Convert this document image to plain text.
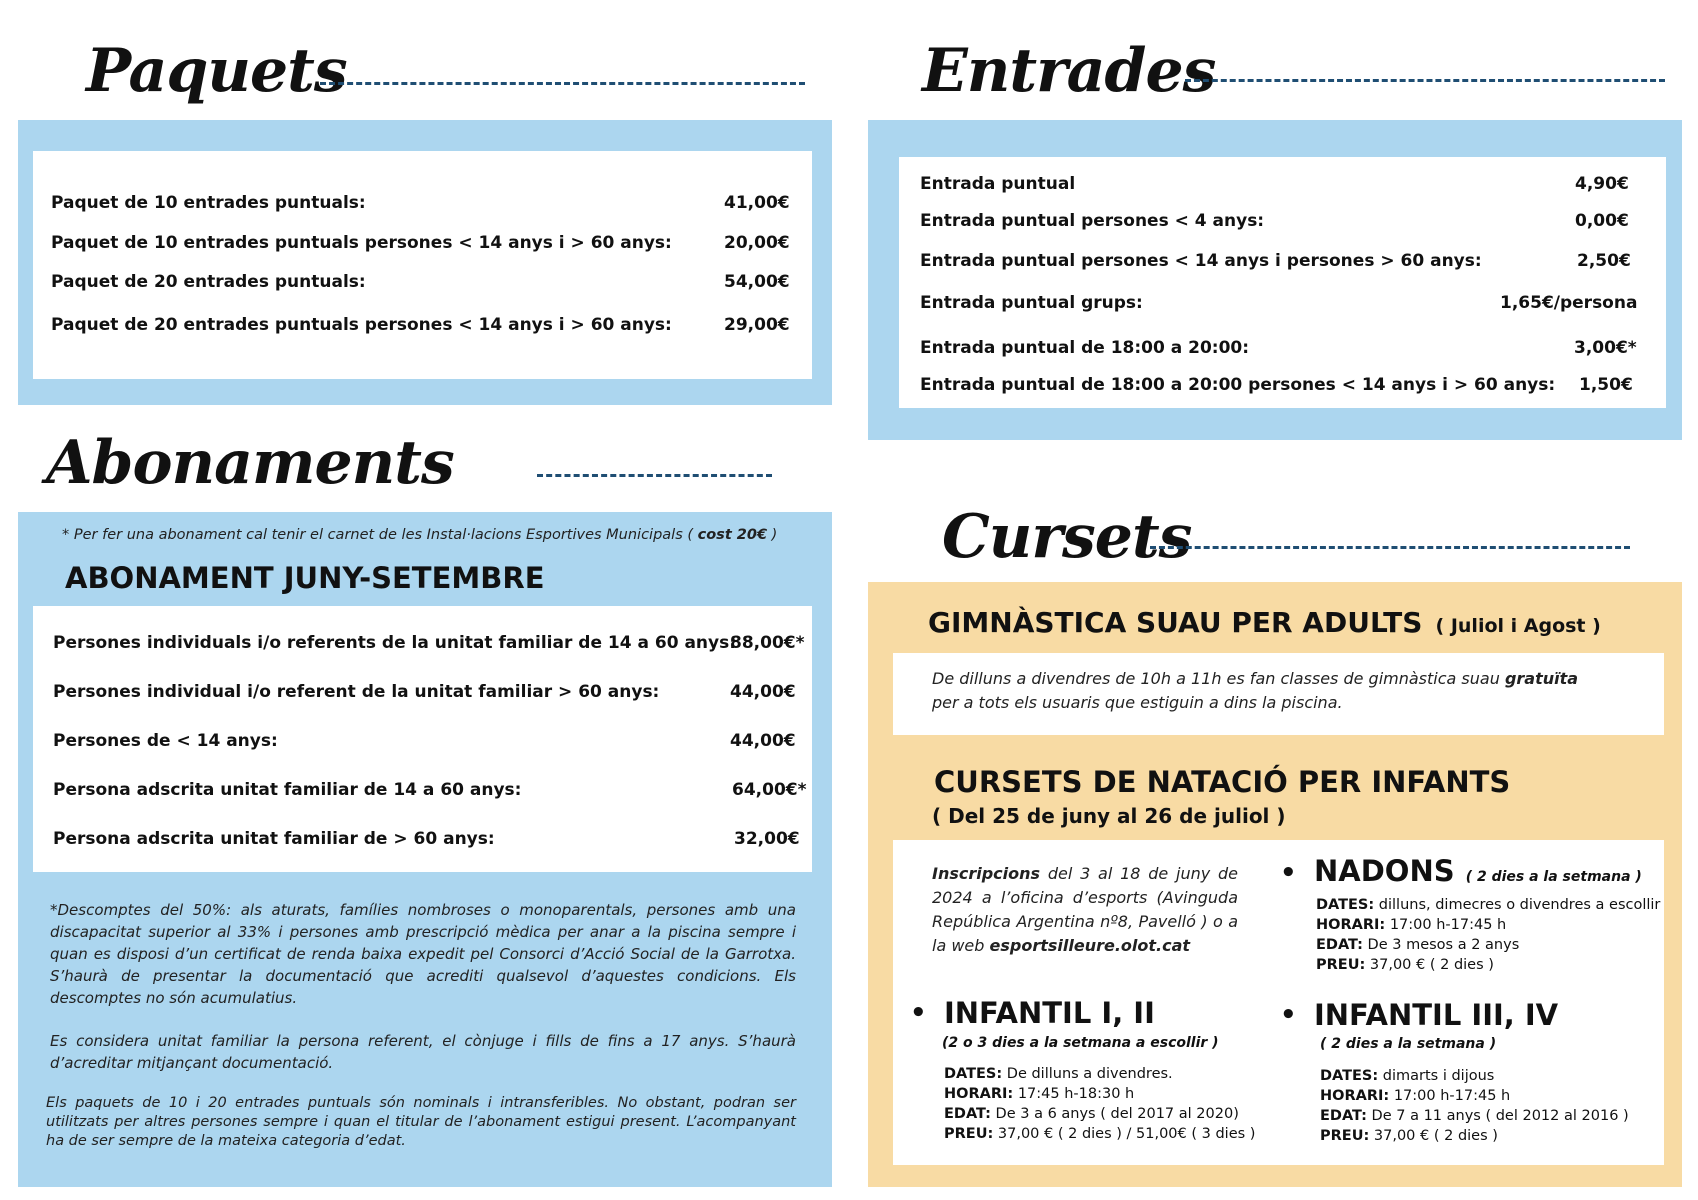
Paquets
Paquet de 10 entrades puntuals:	41,00€
Paquet de 10 entrades puntuals persones < 14 anys i > 60 anys:	20,00€
Paquet de 20 entrades puntuals:	54,00€
Paquet de 20 entrades puntuals persones < 14 anys i > 60 anys:	29,00€
Entrades
Entrada puntual	4,90€
Entrada puntual persones < 4 anys:	0,00€
Entrada puntual persones < 14 anys i persones > 60 anys:	2,50€
Entrada puntual grups:	1,65€/persona
Entrada puntual de 18:00 a 20:00:	3,00€*
Entrada puntual de 18:00 a 20:00 persones < 14 anys i > 60 anys: 1,50€
Abonaments
* Per fer una abonament cal tenir el carnet de les Instal·lacions Esportives Municipals ( cost 20€ )
ABONAMENT JUNY-SETEMBRE
Persones individuals i/o referents de la unitat familiar de 14 a 60 anys:
88,00€*
Persones individual i/o referent de la unitat familiar > 60 anys:	44,00€
Persones de < 14 anys:	44,00€
Persona adscrita unitat familiar de 14 a 60 anys:	64,00€*
Persona adscrita unitat familiar de > 60 anys:	32,00€
*Descomptes del 50%: als aturats, famílies nombroses o monoparentals, persones amb una discapacitat superior al 33% i persones amb prescripció mèdica per anar a la piscina sempre i quan es disposi d’un certificat de renda baixa expedit pel Consorci d’Acció Social de la Garrotxa. S’haurà de presentar la documentació que acrediti qualsevol d’aquestes condicions. Els descomptes no són acumulatius.
Es considera unitat familiar la persona referent, el cònjuge i fills de fins a 17 anys. S’haurà d’acreditar mitjançant documentació.
Els paquets de 10 i 20 entrades puntuals són nominals i intransferibles. No obstant, podran ser utilitzats per altres persones sempre i quan el titular de l’abonament estigui present. L’acompanyant ha de ser sempre de la mateixa categoria d’edat.
Cursets
GIMNÀSTICA SUAU PER ADULTS ( Juliol i Agost )
De dilluns a divendres de 10h a 11h es fan classes de gimnàstica suau gratuïta
per a tots els usuaris que estiguin a dins la piscina.
CURSETS DE NATACIÓ PER INFANTS
( Del 25 de juny al 26 de juliol )
Inscripcions del 3 al 18 de juny de 2024 a l’oficina d’esports (Avinguda República Argentina nº8, Pavelló ) o a la web esportsilleure.olot.cat
• NADONS ( 2 dies a la setmana )
DATES: dilluns, dimecres o divendres a escollir
HORARI: 17:00 h-17:45 h
EDAT: De 3 mesos a 2 anys
PREU: 37,00 € ( 2 dies )
• INFANTIL I, II
(2 o 3 dies a la setmana a escollir )
DATES: De dilluns a divendres.
HORARI: 17:45 h-18:30 h
EDAT: De 3 a 6 anys ( del 2017 al 2020)
PREU: 37,00 € ( 2 dies ) / 51,00€ ( 3 dies )
• INFANTIL III, IV
( 2 dies a la setmana )
DATES: dimarts i dijous
HORARI: 17:00 h-17:45 h
EDAT: De 7 a 11 anys ( del 2012 al 2016 )
PREU: 37,00 € ( 2 dies )
